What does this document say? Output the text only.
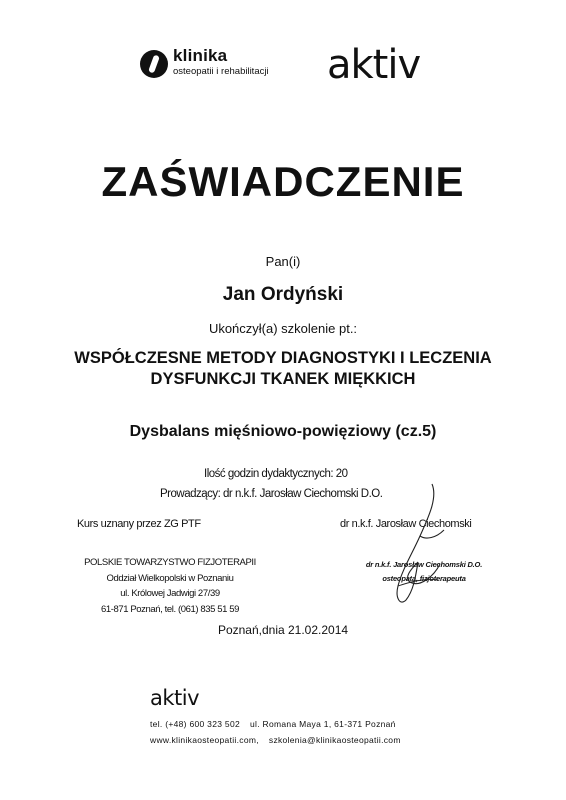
klinika
osteopatii i rehabilitacji aktiv
ZAŚWIADCZENIE
Pan(i)
Jan Ordyński
Ukończył(a) szkolenie pt.:
WSPÓŁCZESNE METODY DIAGNOSTYKI I LECZENIA
DYSFUNKCJI TKANEK MIĘKKICH
Dysbalans mięśniowo-powięziowy (cz.5)
Ilość godzin dydaktycznych: 20
Prowadzący: dr n.k.f. Jarosław Ciechomski D.O.
Kurs uznany przez ZG PTF	dr n.k.f. Jarosław Ciechomski
POLSKIE TOWARZYSTWO FIZJOTERAPII
Oddział Wielkopolski w Poznaniu
ul. Królowej Jadwigi 27/39
61-871 Poznań, tel. (061) 835 51 59
dr n.k.f. Jarosław Ciechomski D.O.
osteopata, fizjoterapeuta
Poznań,dnia 21.02.2014
aktiv
tel. (+48) 600 323 502 ul. Romana Maya 1, 61-371 Poznań
www.klinikaosteopatii.com, szkolenia@klinikaosteopatii.com
